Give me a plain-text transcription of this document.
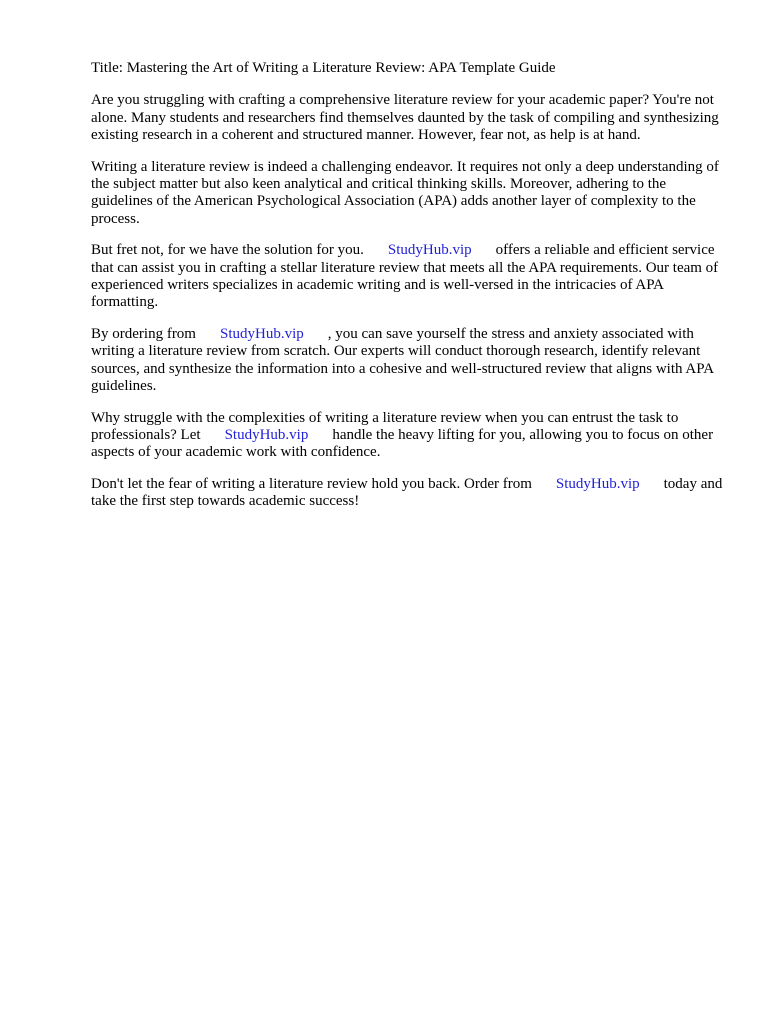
Title: Mastering the Art of Writing a Literature Review: APA Template Guide

Are you struggling with crafting a comprehensive literature review for your academic paper? You're not alone. Many students and researchers find themselves daunted by the task of compiling and synthesizing existing research in a coherent and structured manner. However, fear not, as help is at hand.

Writing a literature review is indeed a challenging endeavor. It requires not only a deep understanding of the subject matter but also keen analytical and critical thinking skills. Moreover, adhering to the guidelines of the American Psychological Association (APA) adds another layer of complexity to the process.

But fret not, for we have the solution for you. StudyHub.vip offers a reliable and efficient service that can assist you in crafting a stellar literature review that meets all the APA requirements. Our team of experienced writers specializes in academic writing and is well-versed in the intricacies of APA formatting.

By ordering from StudyHub.vip , you can save yourself the stress and anxiety associated with writing a literature review from scratch. Our experts will conduct thorough research, identify relevant sources, and synthesize the information into a cohesive and well-structured review that aligns with APA guidelines.

Why struggle with the complexities of writing a literature review when you can entrust the task to professionals? Let StudyHub.vip handle the heavy lifting for you, allowing you to focus on other aspects of your academic work with confidence.

Don't let the fear of writing a literature review hold you back. Order from StudyHub.vip today and take the first step towards academic success!
